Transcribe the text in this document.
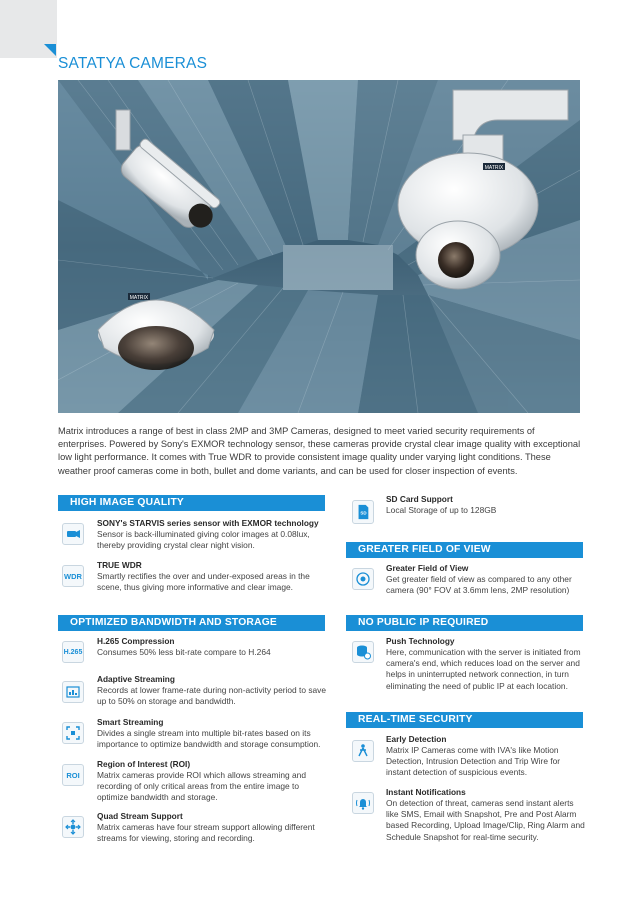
SATATYA CAMERAS
MATRIX
MATRIX

Matrix introduces a range of best in class 2MP and 3MP Cameras, designed to meet varied security requirements of enterprises. Powered by Sony's EXMOR technology sensor, these cameras provide crystal clear image quality with exceptional low light performance. It comes with True WDR to provide consistent image quality under varying light conditions. These weather proof cameras come in both, bullet and dome variants, and can be used for closer inspection of events.

HIGH IMAGE QUALITY
SONY's STARVIS series sensor with EXMOR technology
Sensor is back-illuminated giving color images at 0.08lux, thereby providing crystal clear night vision.
WDR
TRUE WDR
Smartly rectifies the over and under-exposed areas in the scene, thus giving more informative and clear image.
OPTIMIZED BANDWIDTH AND STORAGE
H.265
H.265 Compression
Consumes 50% less bit-rate compare to H.264
Adaptive Streaming
Records at lower frame-rate during non-activity period to save up to 50% on storage and bandwidth.
Smart Streaming
Divides a single stream into multiple bit-rates based on its importance to optimize bandwidth and storage consumption.
ROI
Region of Interest (ROI)
Matrix cameras provide ROI which allows streaming and recording of only critical areas from the entire image to optimize bandwidth and storage.
Quad Stream Support
Matrix cameras have four stream support allowing different streams for viewing, storing and recording.
SD
SD Card Support
Local Storage of up to 128GB
GREATER FIELD OF VIEW
Greater Field of View
Get greater field of view as compared to any other camera (90° FOV at 3.6mm lens, 2MP resolution)
NO PUBLIC IP REQUIRED
Push Technology
Here, communication with the server is initiated from camera's end, which reduces load on the server and helps in uninterrupted network connection, in turn eliminating the need of public IP at each location.
REAL-TIME SECURITY
Early Detection
Matrix IP Cameras come with IVA's like Motion Detection, Intrusion Detection and Trip Wire for instant detection of suspicious events.
Instant Notifications
On detection of threat, cameras send instant alerts like SMS, Email with Snapshot, Pre and Post Alarm based Recording, Upload Image/Clip, Ring Alarm and Schedule Snapshot for real-time security.
